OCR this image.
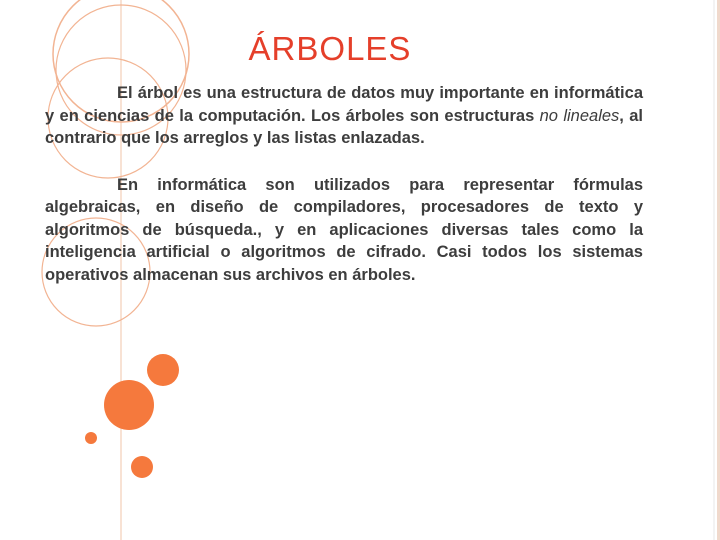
ÁRBOLES

El árbol es una estructura de datos muy importante en informática y en ciencias de la computación. Los árboles son estructuras no lineales, al contrario que los arreglos y las listas enlazadas.

En informática son utilizados para representar fórmulas algebraicas, en diseño de compiladores, procesadores de texto y algoritmos de búsqueda., y en aplicaciones diversas tales como la inteligencia artificial o algoritmos de cifrado. Casi todos los sistemas operativos almacenan sus archivos en árboles.
